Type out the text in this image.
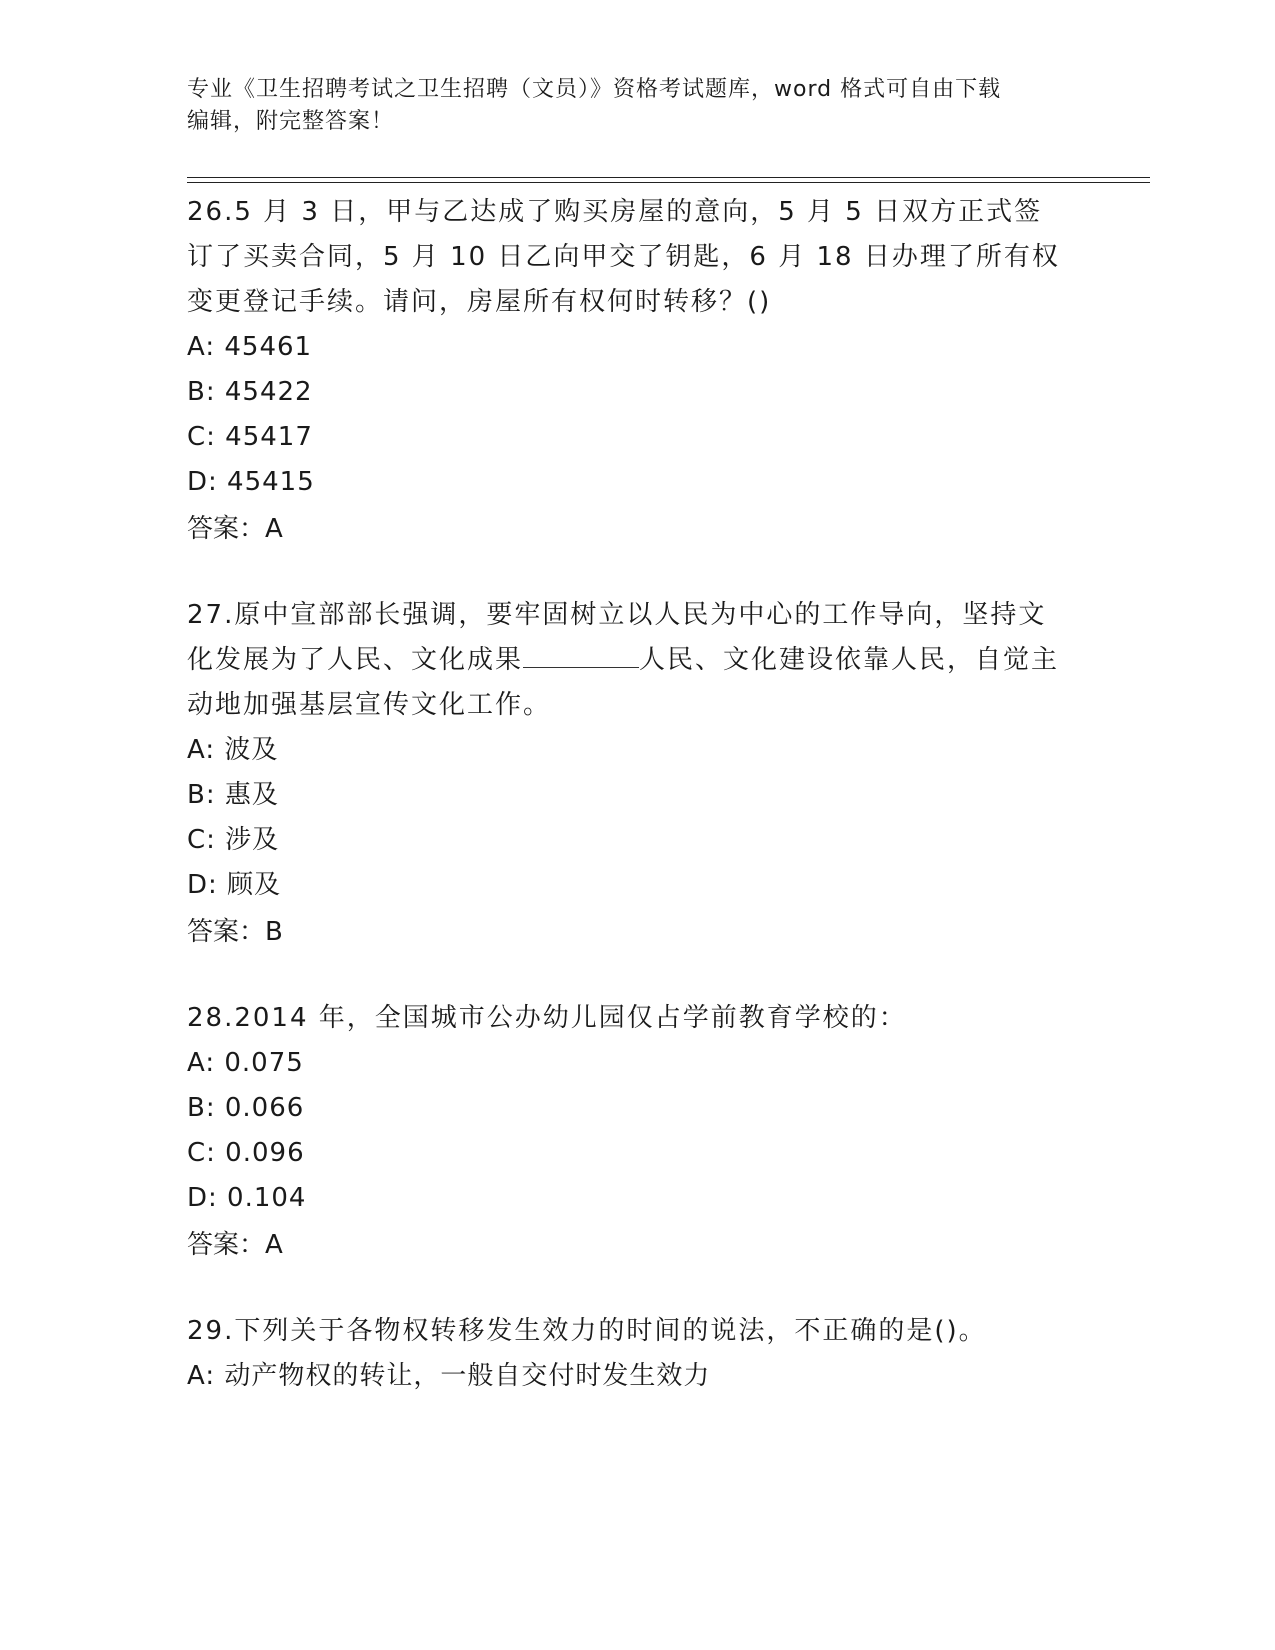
专业《卫生招聘考试之卫生招聘（文员）》资格考试题库，word 格式可自由下载
编辑，附完整答案！

26.5 月 3 日，甲与乙达成了购买房屋的意向，5 月 5 日双方正式签订了买卖合同，5 月 10 日乙向甲交了钥匙，6 月 18 日办理了所有权变更登记手续。请问，房屋所有权何时转移？()

A: 45461

B: 45422

C: 45417

D: 45415

答案：A

27.原中宣部部长强调，要牢固树立以人民为中心的工作导向，坚持文化发展为了人民、文化成果	人民、文化建设依靠人民，自觉主动地加强基层宣传文化工作。

A: 波及

B: 惠及

C: 涉及

D: 顾及

答案：B

28.2014 年，全国城市公办幼儿园仅占学前教育学校的：

A: 0.075

B: 0.066

C: 0.096

D: 0.104

答案：A

29.下列关于各物权转移发生效力的时间的说法，不正确的是()。

A: 动产物权的转让，一般自交付时发生效力
